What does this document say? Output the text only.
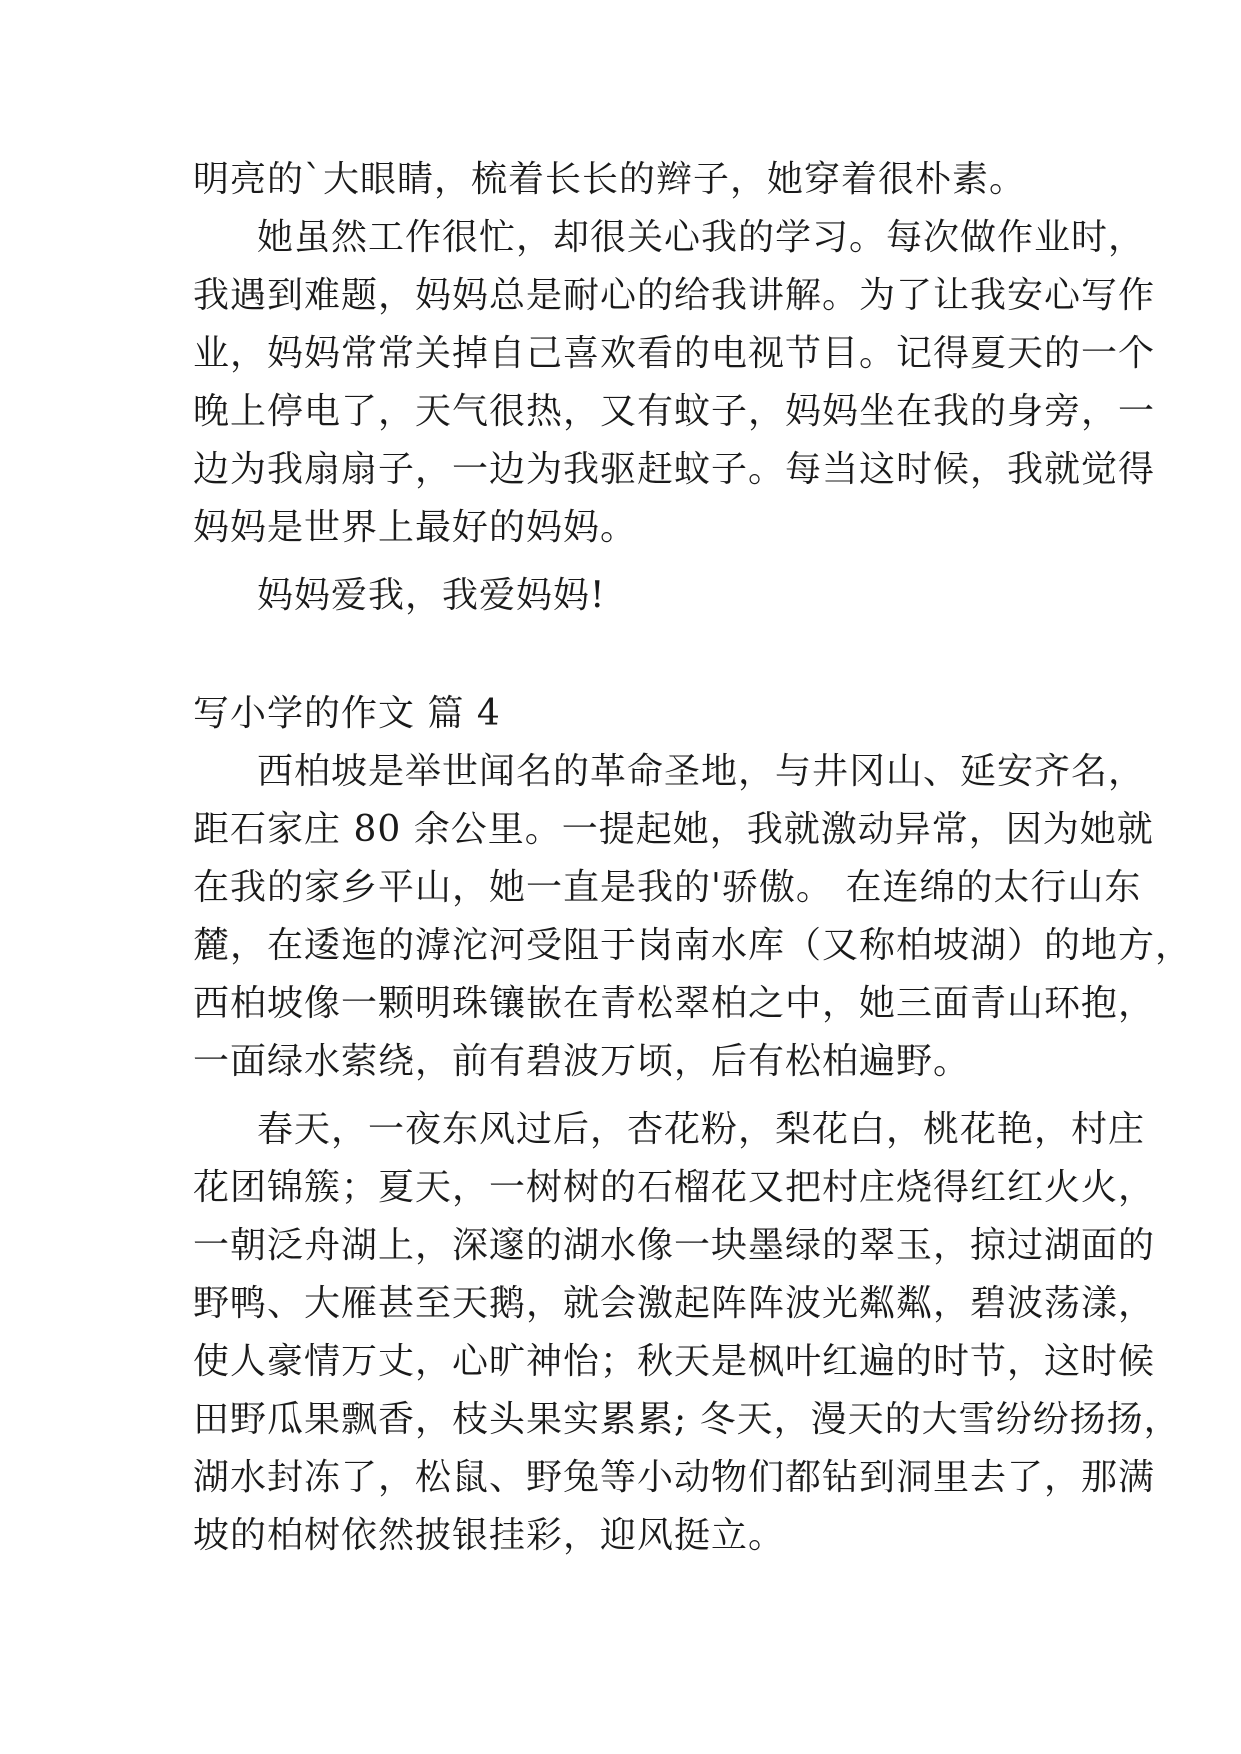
明亮的`大眼睛，梳着长长的辫子，她穿着很朴素。
她虽然工作很忙，却很关心我的学习。每次做作业时，
我遇到难题，妈妈总是耐心的给我讲解。为了让我安心写作
业，妈妈常常关掉自己喜欢看的电视节目。记得夏天的一个
晚上停电了，天气很热，又有蚊子，妈妈坐在我的身旁，一
边为我扇扇子，一边为我驱赶蚊子。每当这时候，我就觉得
妈妈是世界上最好的妈妈。
妈妈爱我，我爱妈妈!
写小学的作文 篇 4
西柏坡是举世闻名的革命圣地，与井冈山、延安齐名，
距石家庄 80 余公里。一提起她，我就激动异常，因为她就
在我的家乡平山，她一直是我的'骄傲。 在连绵的太行山东
麓，在逶迤的滹沱河受阻于岗南水库（又称柏坡湖）的地方，
西柏坡像一颗明珠镶嵌在青松翠柏之中，她三面青山环抱，
一面绿水萦绕，前有碧波万顷，后有松柏遍野。
春天，一夜东风过后，杏花粉，梨花白，桃花艳，村庄
花团锦簇；夏天，一树树的石榴花又把村庄烧得红红火火，
一朝泛舟湖上，深邃的湖水像一块墨绿的翠玉，掠过湖面的
野鸭、大雁甚至天鹅，就会激起阵阵波光粼粼，碧波荡漾，
使人豪情万丈，心旷神怡；秋天是枫叶红遍的时节，这时候
田野瓜果飘香，枝头果实累累; 冬天，漫天的大雪纷纷扬扬，
湖水封冻了，松鼠、野兔等小动物们都钻到洞里去了，那满
坡的柏树依然披银挂彩，迎风挺立。
